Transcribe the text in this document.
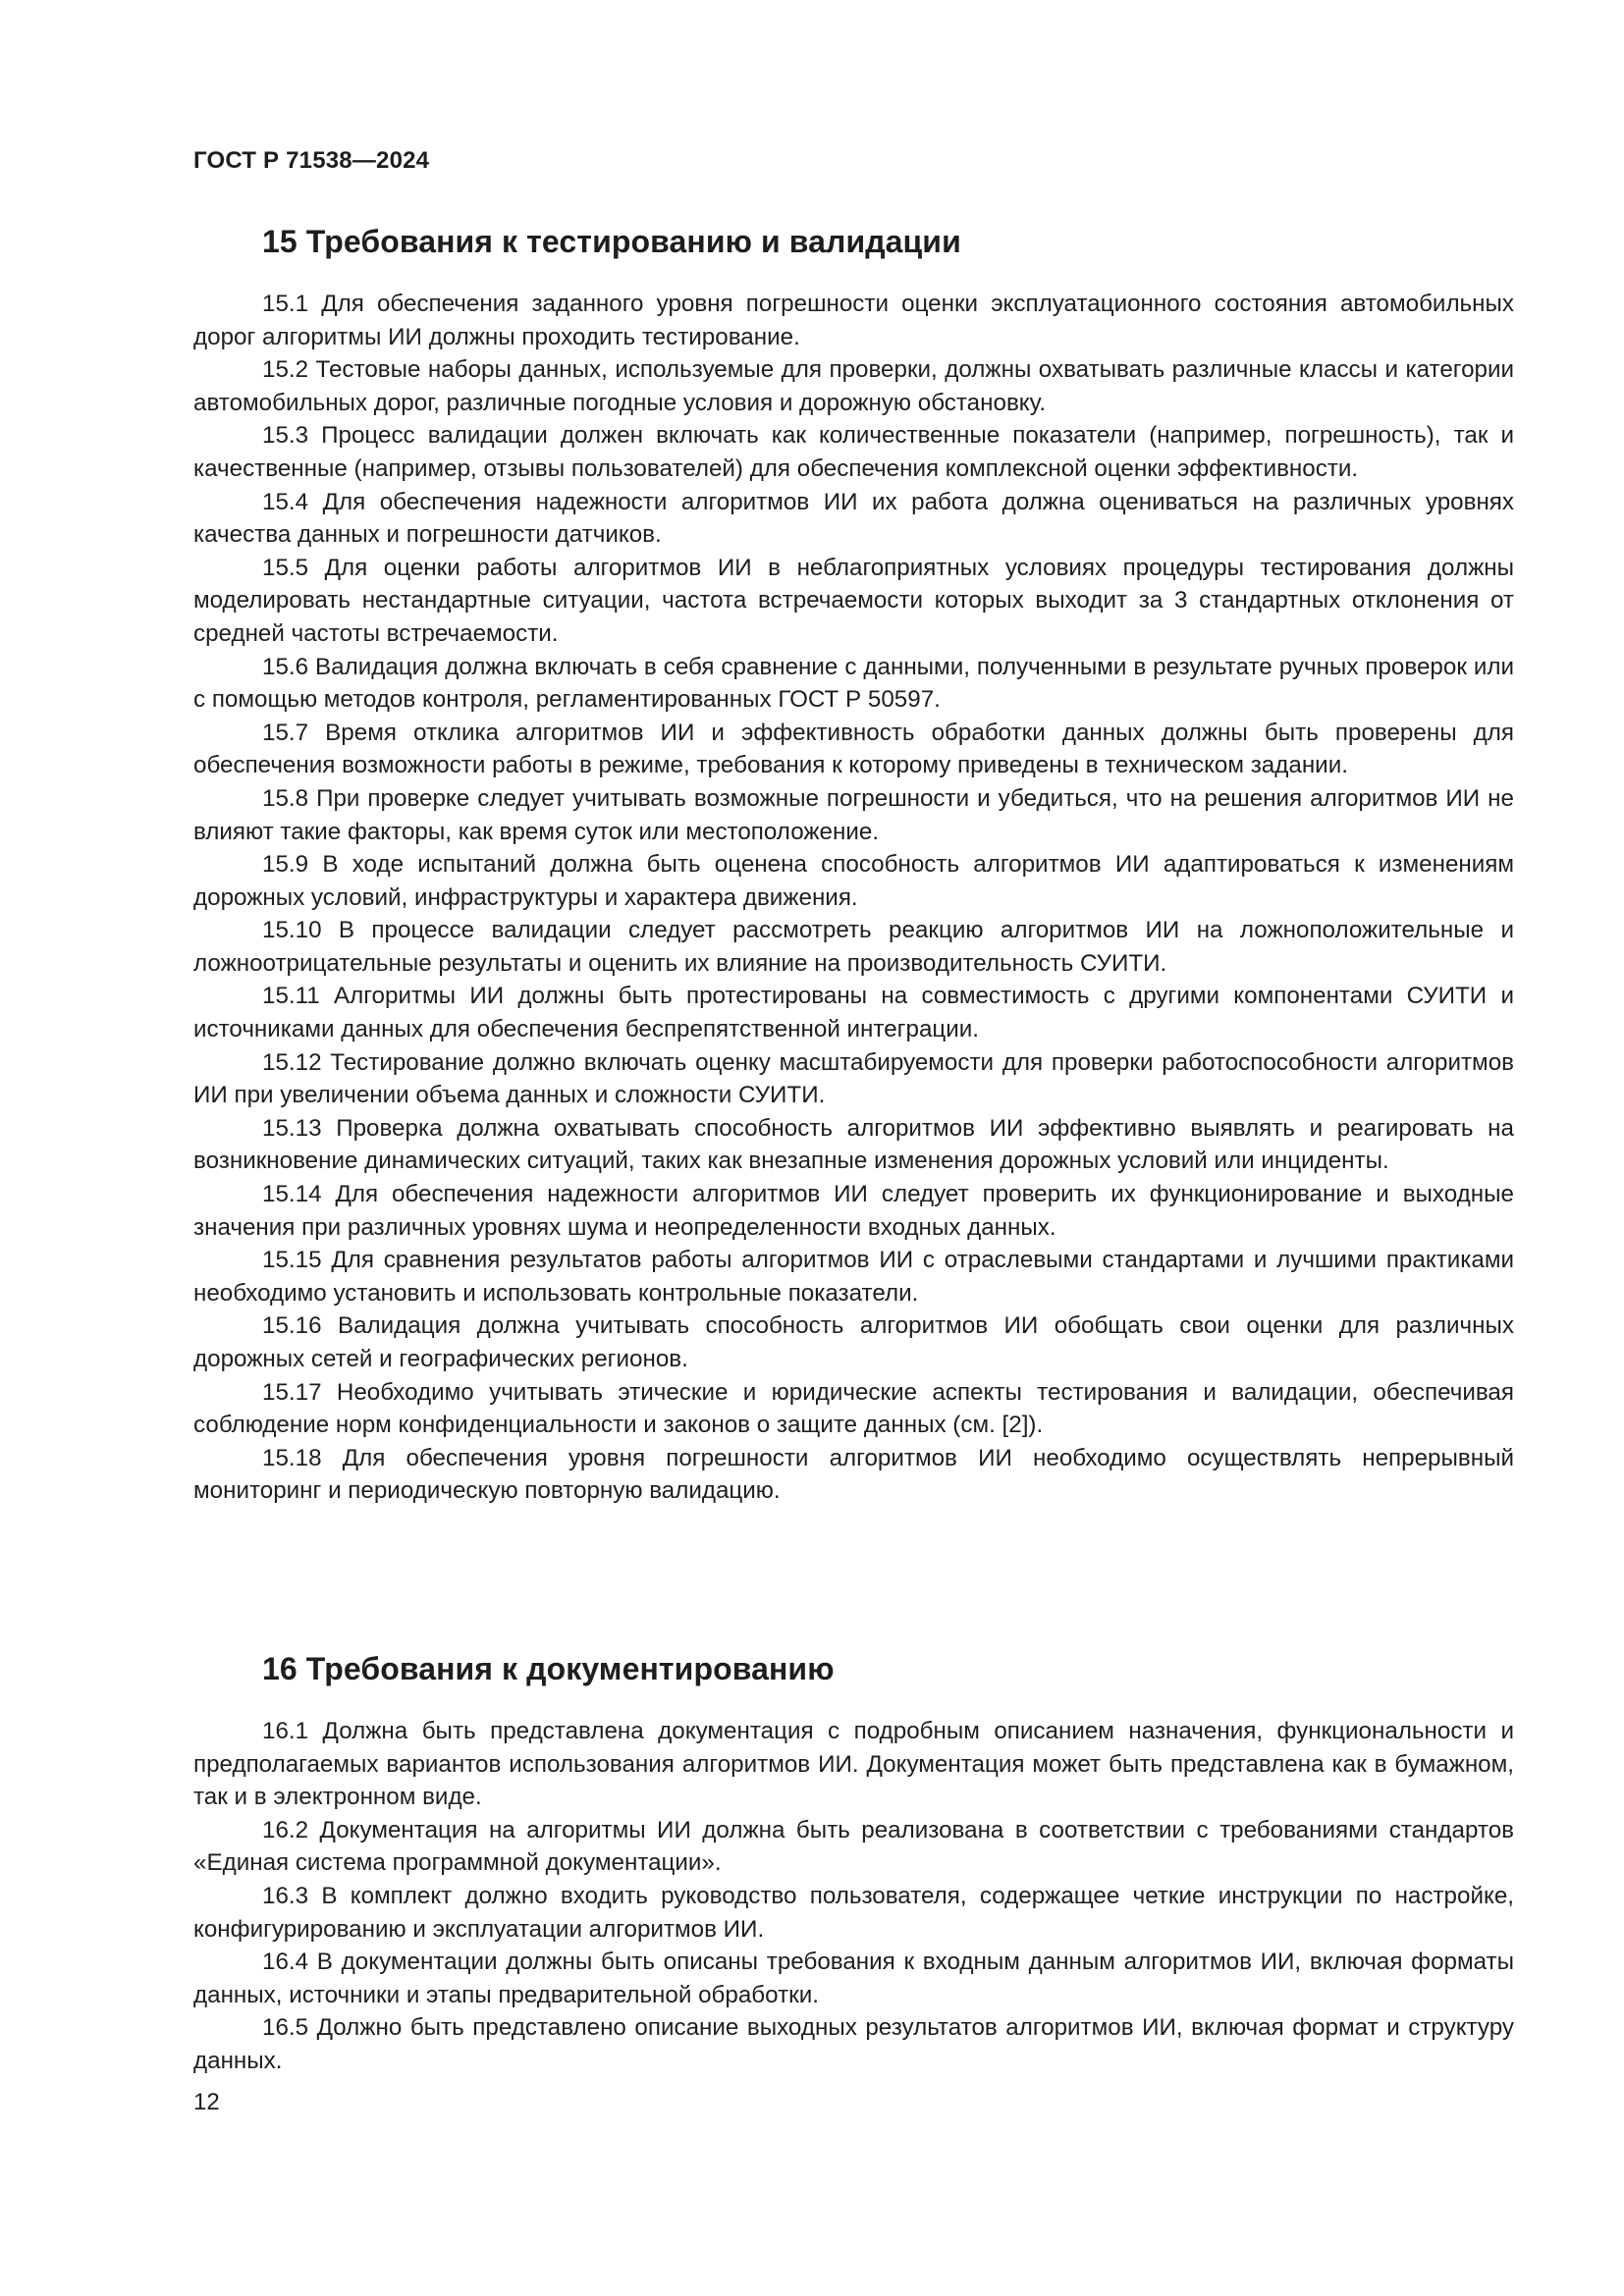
ГОСТ Р 71538—2024
15 Требования к тестированию и валидации

15.1 Для обеспечения заданного уровня погрешности оценки эксплуатационного состояния автомобильных дорог алгоритмы ИИ должны проходить тестирование.

15.2 Тестовые наборы данных, используемые для проверки, должны охватывать различные классы и категории автомобильных дорог, различные погодные условия и дорожную обстановку.

15.3 Процесс валидации должен включать как количественные показатели (например, погрешность), так и качественные (например, отзывы пользователей) для обеспечения комплексной оценки эффективности.

15.4 Для обеспечения надежности алгоритмов ИИ их работа должна оцениваться на различных уровнях качества данных и погрешности датчиков.

15.5 Для оценки работы алгоритмов ИИ в неблагоприятных условиях процедуры тестирования должны моделировать нестандартные ситуации, частота встречаемости которых выходит за 3 стандартных отклонения от средней частоты встречаемости.

15.6 Валидация должна включать в себя сравнение с данными, полученными в результате ручных проверок или с помощью методов контроля, регламентированных ГОСТ Р 50597.

15.7 Время отклика алгоритмов ИИ и эффективность обработки данных должны быть проверены для обеспечения возможности работы в режиме, требования к которому приведены в техническом задании.

15.8 При проверке следует учитывать возможные погрешности и убедиться, что на решения алгоритмов ИИ не влияют такие факторы, как время суток или местоположение.

15.9 В ходе испытаний должна быть оценена способность алгоритмов ИИ адаптироваться к изменениям дорожных условий, инфраструктуры и характера движения.

15.10 В процессе валидации следует рассмотреть реакцию алгоритмов ИИ на ложноположительные и ложноотрицательные результаты и оценить их влияние на производительность СУИТИ.

15.11 Алгоритмы ИИ должны быть протестированы на совместимость с другими компонентами СУИТИ и источниками данных для обеспечения беспрепятственной интеграции.

15.12 Тестирование должно включать оценку масштабируемости для проверки работоспособности алгоритмов ИИ при увеличении объема данных и сложности СУИТИ.

15.13 Проверка должна охватывать способность алгоритмов ИИ эффективно выявлять и реагировать на возникновение динамических ситуаций, таких как внезапные изменения дорожных условий или инциденты.

15.14 Для обеспечения надежности алгоритмов ИИ следует проверить их функционирование и выходные значения при различных уровнях шума и неопределенности входных данных.

15.15 Для сравнения результатов работы алгоритмов ИИ с отраслевыми стандартами и лучшими практиками необходимо установить и использовать контрольные показатели.

15.16 Валидация должна учитывать способность алгоритмов ИИ обобщать свои оценки для различных дорожных сетей и географических регионов.

15.17 Необходимо учитывать этические и юридические аспекты тестирования и валидации, обеспечивая соблюдение норм конфиденциальности и законов о защите данных (см. [2]).

15.18 Для обеспечения уровня погрешности алгоритмов ИИ необходимо осуществлять непрерывный мониторинг и периодическую повторную валидацию.

16 Требования к документированию

16.1 Должна быть представлена документация с подробным описанием назначения, функциональности и предполагаемых вариантов использования алгоритмов ИИ. Документация может быть представлена как в бумажном, так и в электронном виде.

16.2 Документация на алгоритмы ИИ должна быть реализована в соответствии с требованиями стандартов «Единая система программной документации».

16.3 В комплект должно входить руководство пользователя, содержащее четкие инструкции по настройке, конфигурированию и эксплуатации алгоритмов ИИ.

16.4 В документации должны быть описаны требования к входным данным алгоритмов ИИ, включая форматы данных, источники и этапы предварительной обработки.

16.5 Должно быть представлено описание выходных результатов алгоритмов ИИ, включая формат и структуру данных.

12
